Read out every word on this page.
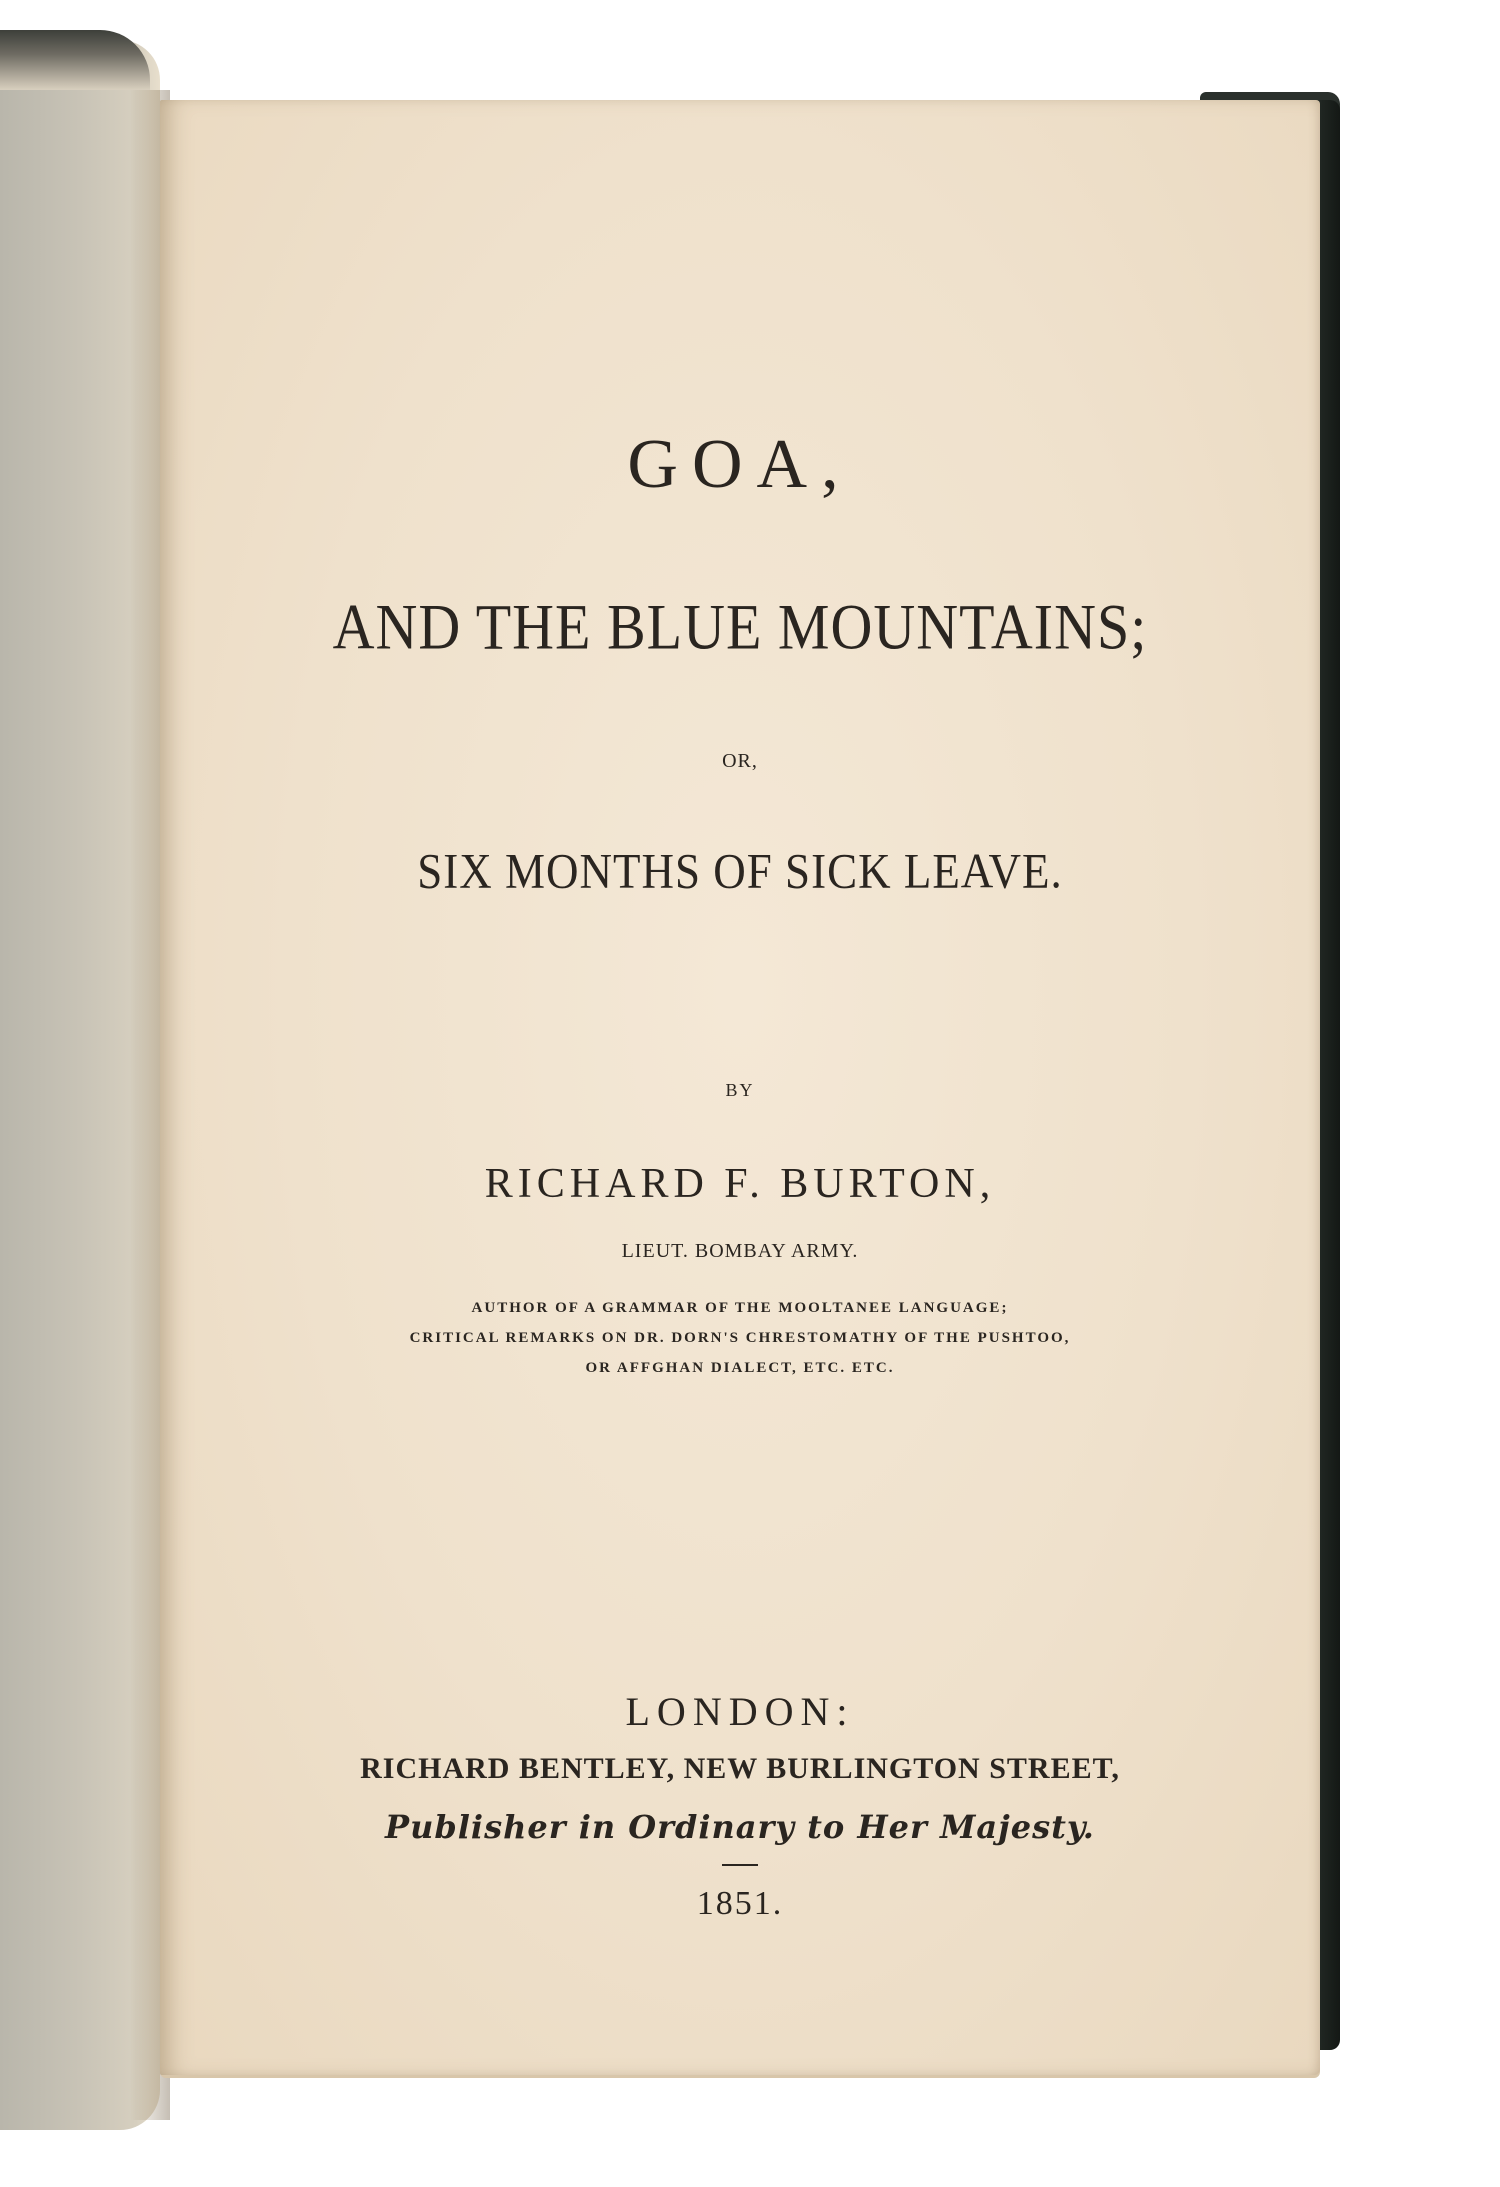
GOA,
AND THE BLUE MOUNTAINS;
OR,
SIX MONTHS OF SICK LEAVE.
BY
RICHARD F. BURTON,
LIEUT. BOMBAY ARMY.
AUTHOR OF A GRAMMAR OF THE MOOLTANEE LANGUAGE;
CRITICAL REMARKS ON DR. DORN'S CHRESTOMATHY OF THE PUSHTOO,
OR AFFGHAN DIALECT, ETC. ETC.
LONDON:
RICHARD BENTLEY, NEW BURLINGTON STREET,
Publisher in Ordinary to Her Majesty.
1851.
